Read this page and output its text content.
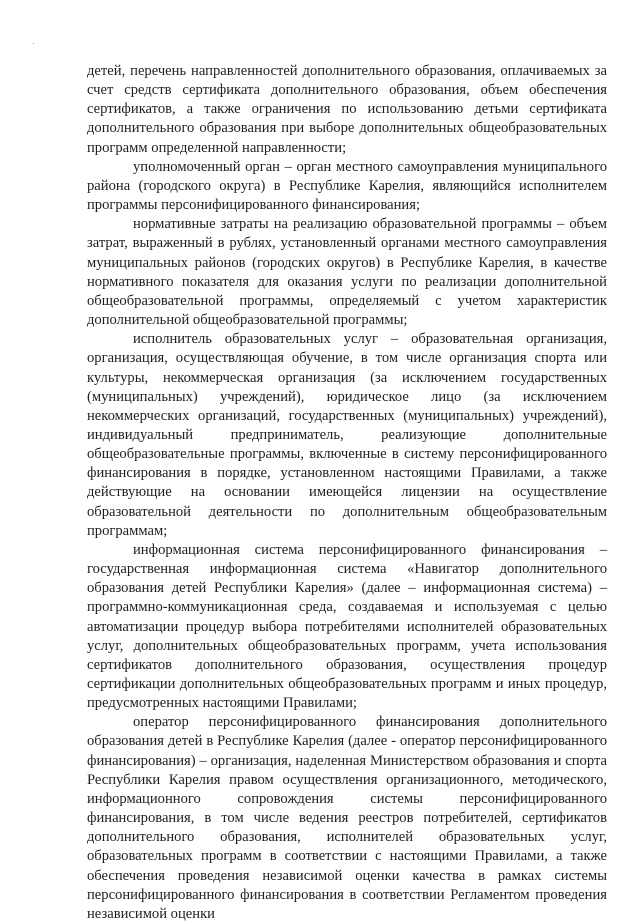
детей, перечень направленностей дополнительного образования, оплачиваемых за счет средств сертификата дополнительного образования, объем обеспечения сертификатов, а также ограничения по использованию детьми сертификата дополнительного образования при выборе дополнительных общеобразовательных программ определенной направленности;

уполномоченный орган – орган местного самоуправления муниципального района (городского округа) в Республике Карелия, являющийся исполнителем программы персонифицированного финансирования;

нормативные затраты на реализацию образовательной программы – объем затрат, выраженный в рублях, установленный органами местного самоуправления муниципальных районов (городских округов) в Республике Карелия, в качестве нормативного показателя для оказания услуги по реализации дополнительной общеобразовательной программы, определяемый с учетом характеристик дополнительной общеобразовательной программы;

исполнитель образовательных услуг – образовательная организация, организация, осуществляющая обучение, в том числе организация спорта или культуры, некоммерческая организация (за исключением государственных (муниципальных) учреждений), юридическое лицо (за исключением некоммерческих организаций, государственных (муниципальных) учреждений), индивидуальный предприниматель, реализующие дополнительные общеобразовательные программы, включенные в систему персонифицированного финансирования в порядке, установленном настоящими Правилами, а также действующие на основании имеющейся лицензии на осуществление образовательной деятельности по дополнительным общеобразовательным программам;

информационная система персонифицированного финансирования – государственная информационная система «Навигатор дополнительного образования детей Республики Карелия» (далее – информационная система) – программно-коммуникационная среда, создаваемая и используемая с целью автоматизации процедур выбора потребителями исполнителей образовательных услуг, дополнительных общеобразовательных программ, учета использования сертификатов дополнительного образования, осуществления процедур сертификации дополнительных общеобразовательных программ и иных процедур, предусмотренных настоящими Правилами;

оператор персонифицированного финансирования дополнительного образования детей в Республике Карелия (далее - оператор персонифицированного финансирования) – организация, наделенная Министерством образования и спорта Республики Карелия правом осуществления организационного, методического, информационного сопровождения системы персонифицированного финансирования, в том числе ведения реестров потребителей, сертификатов дополнительного образования, исполнителей образовательных услуг, образовательных программ в соответствии с настоящими Правилами, а также обеспечения проведения независимой оценки качества в рамках системы персонифицированного финансирования в соответствии Регламентом проведения независимой оценки
